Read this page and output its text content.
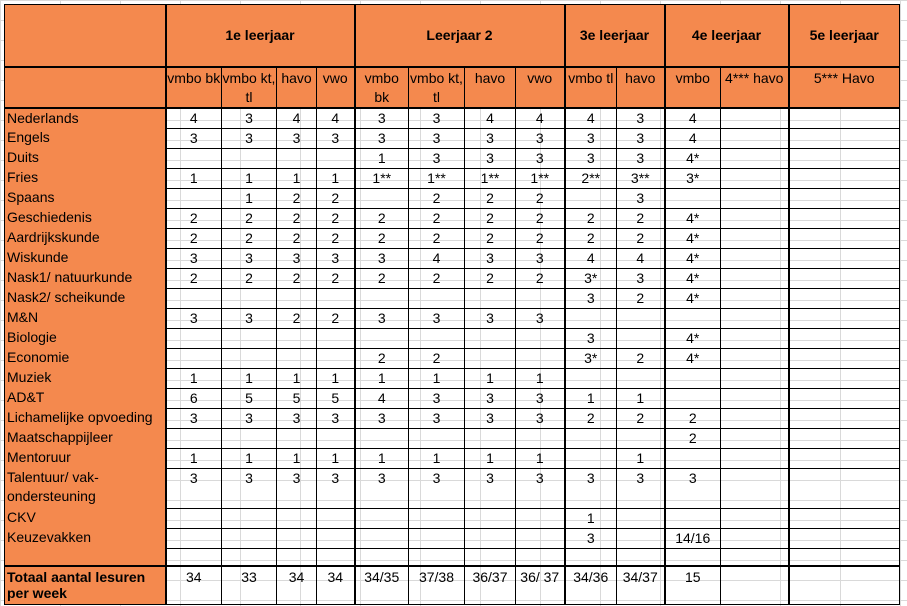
	1e leerjaar				Leerjaar 2				3e leerjaar		4e leerjaar		5e leerjaar
	vmbo bk	vmbo kt, tl	havo	vwo	vmbo bk	vmbo kt, tl	havo	vwo	vmbo tl	havo	vmbo	4*** havo	5*** Havo
Nederlands	4	3	4	4	3	3	4	4	4	3	4		
Engels	3	3	3	3	3	3	3	3	3	3	4		
Duits					1	3	3	3	3	3	4*		
Fries	1	1	1	1	1**	1**	1**	1**	2**	3**	3*		
Spaans		1	2	2		2	2	2		3			
Geschiedenis	2	2	2	2	2	2	2	2	2	2	4*		
Aardrijkskunde	2	2	2	2	2	2	2	2	2	2	4*		
Wiskunde	3	3	3	3	3	4	3	3	4	4	4*		
Nask1/ natuurkunde	2	2	2	2	2	2	2	2	3*	3	4*		
Nask2/ scheikunde									3	2	4*		
M&N	3	3	2	2	3	3	3	3					
Biologie									3		4*		
Economie					2	2			3*	2	4*		
Muziek	1	1	1	1	1	1	1	1					
AD&T	6	5	5	5	4	3	3	3	1	1			
Lichamelijke opvoeding	3	3	3	3	3	3	3	3	2	2	2		
Maatschappijleer											2		
Mentoruur	1	1	1	1	1	1	1	1		1			
Talentuur/ vak-ondersteuning	3	3	3	3	3	3	3	3	3	3	3		
CKV									1				
Keuzevakken									3		14/16		

Totaal aantal lesuren per week	34	33	34	34	34/35	37/38	36/37	36/ 37	34/36	34/37	15		
